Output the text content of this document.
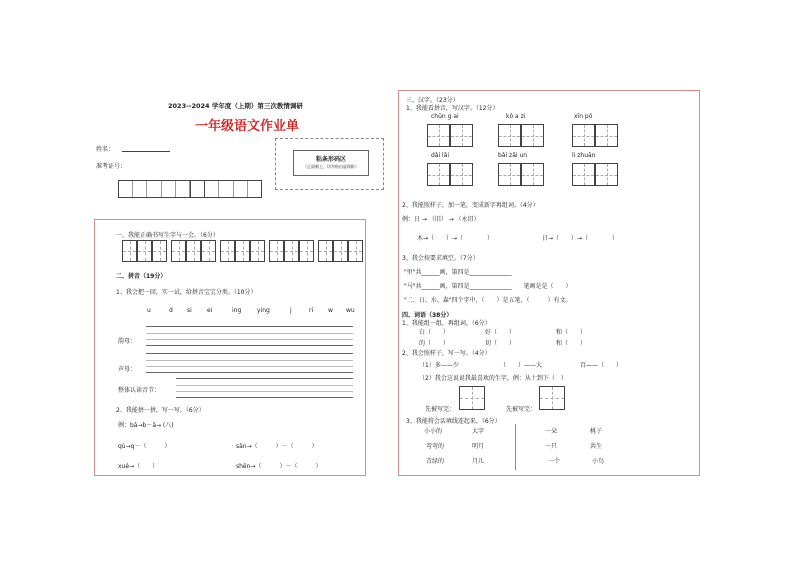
2023--2024 学年度（上期）第三次教情调研
一年级语文作业单
姓名：
准考证号：
粘条形码区
（正面朝上，切勿贴出虚线框）
一、我能正确书写生字与一会。（6分）
二、拼音（19分）
1、我会把一回，实一试，给拼音宝宝分类。（10分）
u	d si	ei	ing	ying	j	ri w wu
韵母：
声母：
整体认读音节：
2、我能拼一拼，写一写。（6分）
例：bā→b－ā→ (八)
qù→q－（　　　）	sān→（　　　）－（　　　）
xué→（　　）	shēn→（　　　）－（　　　）
三、汉字。（23分）
1、我能看拼音，写汉字。（12分）
chūn g ai	kǒ a zi	xīn pǒ
dǎi lǎi	bǎi zǎi un	li zhuān
2、我能照样子，加一笔，变成新字再组词。（4分）
例：日 → （旧） → （永旧）
木→（　　）→（　　　　）	日→（　　）→（　　　　）
3、我会按要求填空。（7分）
"里"共______画，第四是______________
"马"共______画，第四是______________　　笔画是是（　　）
"二、日、水、森"四个字中，（　　）是五笔，（　　　）有文。
四、词语（38分）
1、我能组一组，再组词。（6分）
白（　　）	好（　　）	和（　　）
的（　　）	切（　　）	和（　　）
2、我会照样子，写一写。（4分）
（1）多——少	（　　）——大	百——（　　）
（2）我会这说说我最喜欢的生字，例：从十到下（　）
先被写完：	先被写完：
3、我能将会话填线连起来。（6分）
小小的
弯弯的
青绿的
大字
明月
月儿
一朵
一只
一个
桃子
共生
小鸟
